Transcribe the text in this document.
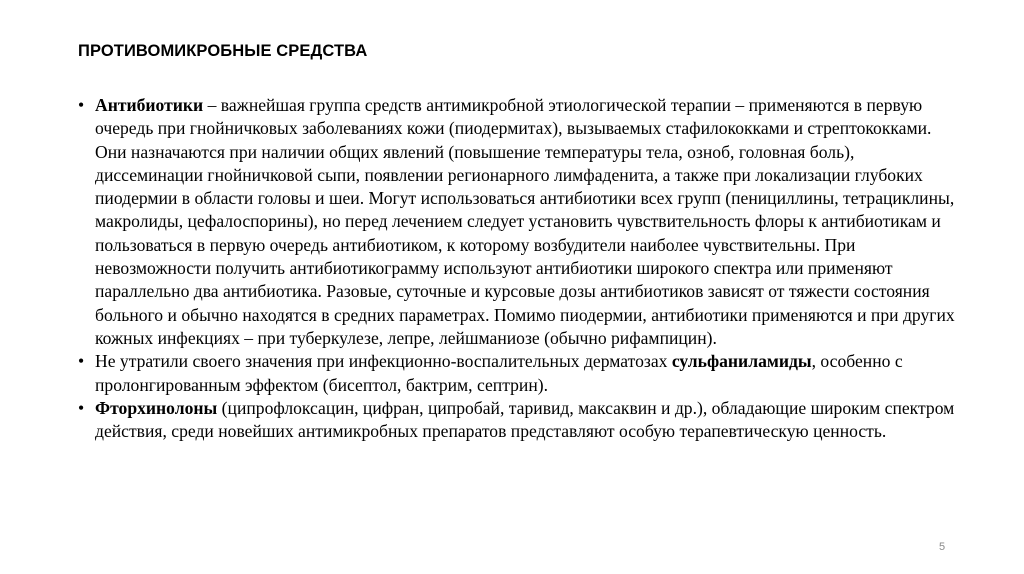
ПРОТИВОМИКРОБНЫЕ СРЕДСТВА
• Антибиотики – важнейшая группа средств антимикробной этиологической терапии – применяются в первую очередь при гнойничковых заболеваниях кожи (пиодермитах), вызываемых стафилококками и стрептококками. Они назначаются при наличии общих явлений (повышение температуры тела, озноб, головная боль), диссеминации гнойничковой сыпи, появлении регионарного лимфаденита, а также при локализации глубоких пиодермии в области головы и шеи. Могут использоваться антибиотики всех групп (пенициллины, тетрациклины, макролиды, цефалоспорины), но перед лечением следует установить чувствительность флоры к антибиотикам и пользоваться в первую очередь антибиотиком, к которому возбудители наиболее чувствительны. При невозможности получить антибиотикограмму используют антибиотики широкого спектра или применяют параллельно два антибиотика. Разовые, суточные и курсовые дозы антибиотиков зависят от тяжести состояния больного и обычно находятся в средних параметрах. Помимо пиодермии, антибиотики применяются и при других кожных инфекциях – при туберкулезе, лепре, лейшманиозе (обычно рифампицин).
• Не утратили своего значения при инфекционно-воспалительных дерматозах сульфаниламиды, особенно с пролонгированным эффектом (бисептол, бактрим, септрин).
• Фторхинолоны (ципрофлоксацин, цифран, ципробай, таривид, максаквин и др.), обладающие широким спектром действия, среди новейших антимикробных препаратов представляют особую терапевтическую ценность.
5
